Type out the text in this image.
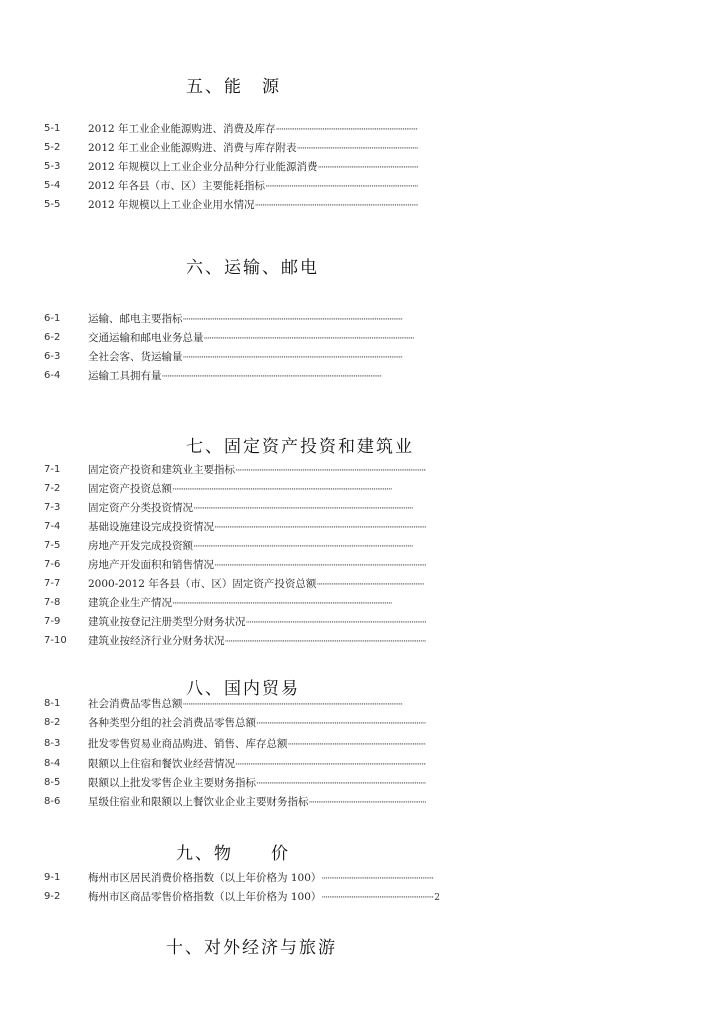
五、能　源
5-1	2012 年工业企业能源购进、消费及库存
·····
5-2	2012 年工业企业能源购进、消费与库存附表
·····
5-3	2012 年规模以上工业企业分品种分行业能源消费
·····
5-4	2012 年各县（市、区）主要能耗指标
·····
5-5	2012 年规模以上工业企业用水情况
·····
六、运输、邮电
6-1	运输、邮电主要指标
·····
6-2	交通运输和邮电业务总量
·····
6-3	全社会客、货运输量
·····
6-4	运输工具拥有量
·····
七、固定资产投资和建筑业
7-1	固定资产投资和建筑业主要指标
·····
7-2	固定资产投资总额
·····
7-3	固定资产分类投资情况
·····
7-4	基础设施建设完成投资情况
·····
7-5	房地产开发完成投资额
·····
7-6	房地产开发面积和销售情况
·····
7-7	2000-2012 年各县（市、区）固定资产投资总额
·····
7-8	建筑企业生产情况
·····
7-9	建筑业按登记注册类型分财务状况
·····
7-10 建筑业按经济行业分财务状况
·····
八、国内贸易
8-1	社会消费品零售总额
·····
8-2	各种类型分组的社会消费品零售总额
·····
8-3	批发零售贸易业商品购进、销售、库存总额
·····
8-4	限额以上住宿和餐饮业经营情况
·····
8-5	限额以上批发零售企业主要财务指标
·····
8-6	星级住宿业和限额以上餐饮业企业主要财务指标
·····
九、物　　价
9-1	梅州市区居民消费价格指数（以上年价格为 100）
·····
9-2	梅州市区商品零售价格指数（以上年价格为 100）
·····	2
十、对外经济与旅游
